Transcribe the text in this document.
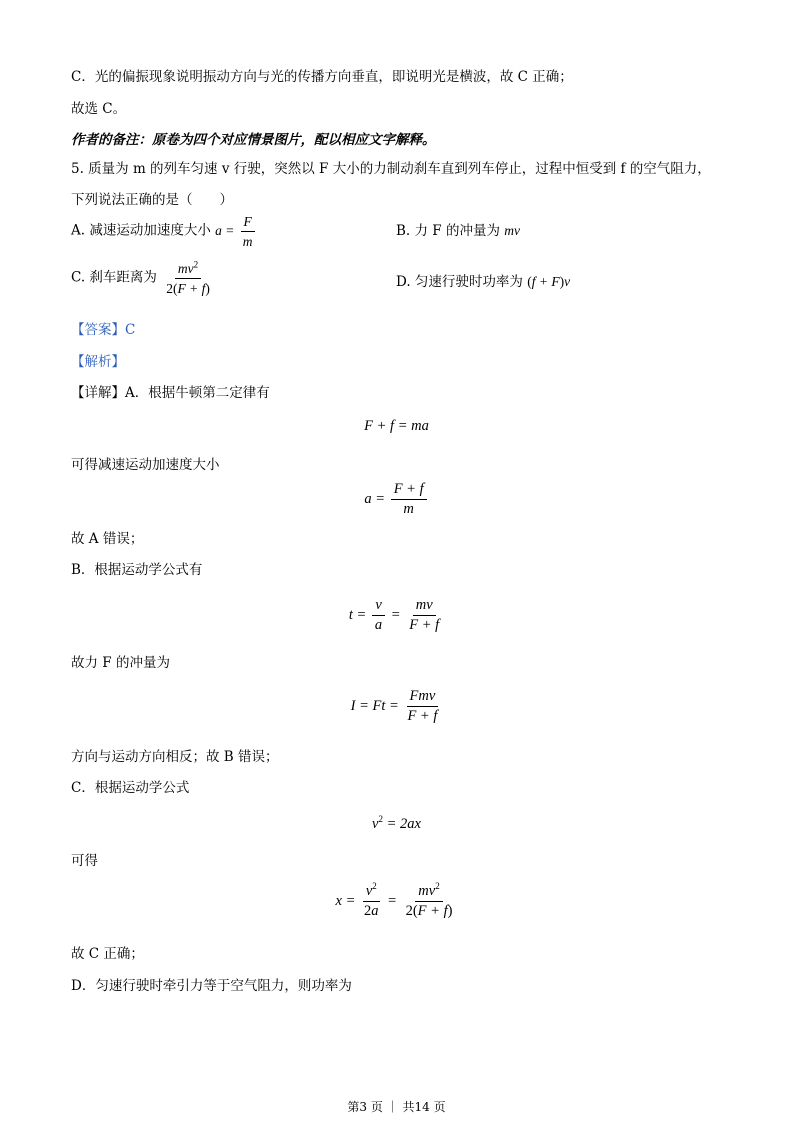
C．光的偏振现象说明振动方向与光的传播方向垂直，即说明光是横波，故 C 正确；
故选 C。
作者的备注：原卷为四个对应情景图片，配以相应文字解释。
5. 质量为 m 的列车匀速 v 行驶，突然以 F 大小的力制动刹车直到列车停止，过程中恒受到 f 的空气阻力，
下列说法正确的是（　　）
A. 减速运动加速度大小 $a = \frac{F}{m}$	B. 力 F 的冲量为 mv
C. 刹车距离为 $\frac{mv^2}{2(F + f)}$	D. 匀速行驶时功率为 (f + F)v
【答案】C
【解析】
【详解】A．根据牛顿第二定律有
F + f = ma
可得减速运动加速度大小
$a = \frac{F + f}{m}$
故 A 错误；
B．根据运动学公式有
$t = \frac{v}{a} = \frac{mv}{F + f}$
故力 F 的冲量为
$I = Ft = \frac{\text{Fmv}}{F + f}$
方向与运动方向相反；故 B 错误；
C．根据运动学公式
$v^2 = 2ax$
可得
$x = \frac{v^2}{2a} = \frac{mv^2}{2(F + f)}$
故 C 正确；
D．匀速行驶时牵引力等于空气阻力，则功率为
第3 页 ｜ 共14 页
